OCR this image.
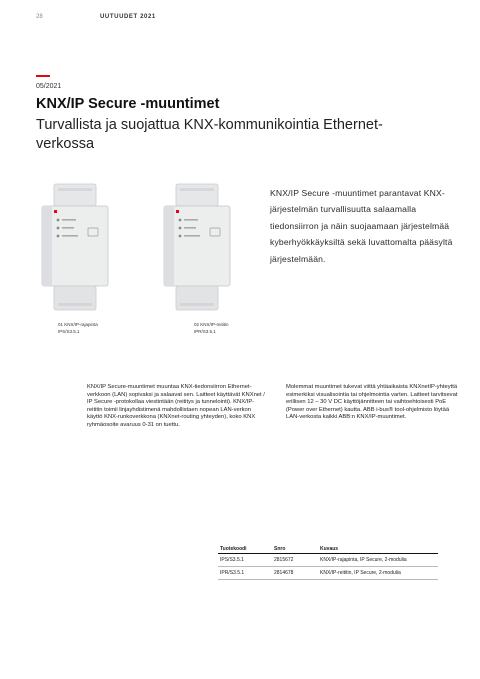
28	UUTUUDET 2021
05/2021
KNX/IP Secure -muuntimet
Turvallista ja suojattua KNX-kommunikointia Ethernet-verkossa
01 KNX/IP-rajapinta
IPS/S3.5.1
02 KNX/IP-reititin
IPR/S3.5.1

KNX/IP Secure -muuntimet parantavat KNX-järjestelmän turvallisuutta salaamalla tiedonsiirron ja näin suojaamaan järjestelmää kyberhyökkäyksiltä sekä luvattomalta pääsyltä järjestelmään.

KNX/IP Secure-muuntimet muuntaa KNX-tiedonsiirron Ethernet-verkkoon (LAN) sopivaksi ja salaavat sen. Laitteet käyttävät KNXnet / IP Secure -protokollaa viestintään (reititys ja tunnelointi). KNX/IP-reititin toimii linjayhdistimenä mahdollistaen nopean LAN-verkon käyttö KNX-runkoverkkona (KNXnet-routing yhteyden), koko KNX ryhmäosoite avaruus 0-31 on tuettu.

Molemmat muuntimet tukevat viittä yhtäaikaista KNXnetIP-yhteyttä esimerkiksi visualisointia tai ohjelmointia varten. Laitteet tarvitsevat erillisen 12 – 30 V DC käyttöjännitteen tai vaihtoehtoisesti PoE (Power over Ethernet) kautta. ABB i-bus® tool-ohjelmisto löytää LAN-verkosta kaikki ABB:n KNX/IP-muuntimet.

Tuotekoodi	Snro	Kuvaus
IPS/S3.5.1	2815672	KNX/IP-rajapinta, IP Secure, 2-modulia
IPR/S3.5.1	2814678	KNX/IP-reititin, IP Secure, 2-modulia
